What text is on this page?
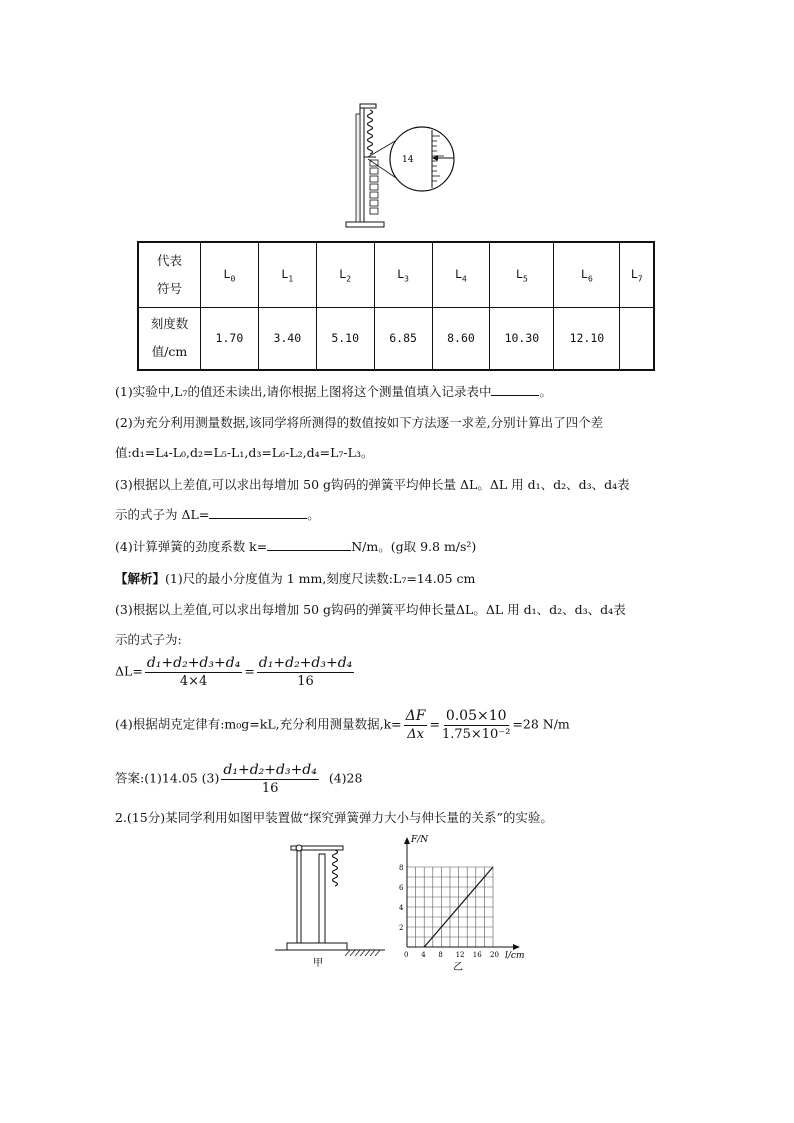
14
代表
符号	$L_0$	$L_1$	$L_2$	$L_3$	$L_4$	$L_5$	$L_6$	$L_7$

刻度数
值/cm	1.70	3.40	5.10	6.85	8.60	10.30	12.10	
(1)实验中,L₇的值还未读出,请你根据上图将这个测量值填入记录表中	。
(2)为充分利用测量数据,该同学将所测得的数值按如下方法逐一求差,分别计算出了四个差
值:d₁=L₄-L₀,d₂=L₅-L₁,d₃=L₆-L₂,d₄=L₇-L₃。
(3)根据以上差值,可以求出每增加 50 g钩码的弹簧平均伸长量 ΔL。ΔL 用 d₁、d₂、d₃、d₄表
示的式子为 ΔL=	。
(4)计算弹簧的劲度系数 k=	N/m。(g取 9.8 m/s²)
【解析】(1)尺的最小分度值为 1 mm,刻度尺读数:L₇=14.05 cm
(3)根据以上差值,可以求出每增加 50 g钩码的弹簧平均伸长量ΔL。ΔL 用 d₁、d₂、d₃、d₄表
示的式子为:
$\Delta L= \frac{\text{d₁+d₂+d₃+d₄}}{4\times 4} = \frac{\text{d₁+d₂+d₃+d₄}}{16}$
(4)根据胡克定律有:m₀g=kL,充分利用测量数据$,k= \frac{\Delta F}{\Delta x} = \frac{0.05\times 10}{\text{1.75×10⁻²}} =28$ N/m
答案:(1)14.05 $(3) \frac{\text{d₁+d₂+d₃+d₄}}{16} (4)28$
2.(15分)某同学利用如图甲装置做“探究弹簧弹力大小与伸长量的关系”的实验。
甲
0 4 8 12 16 20
2
4
6
8
F/N
l/cm
乙
